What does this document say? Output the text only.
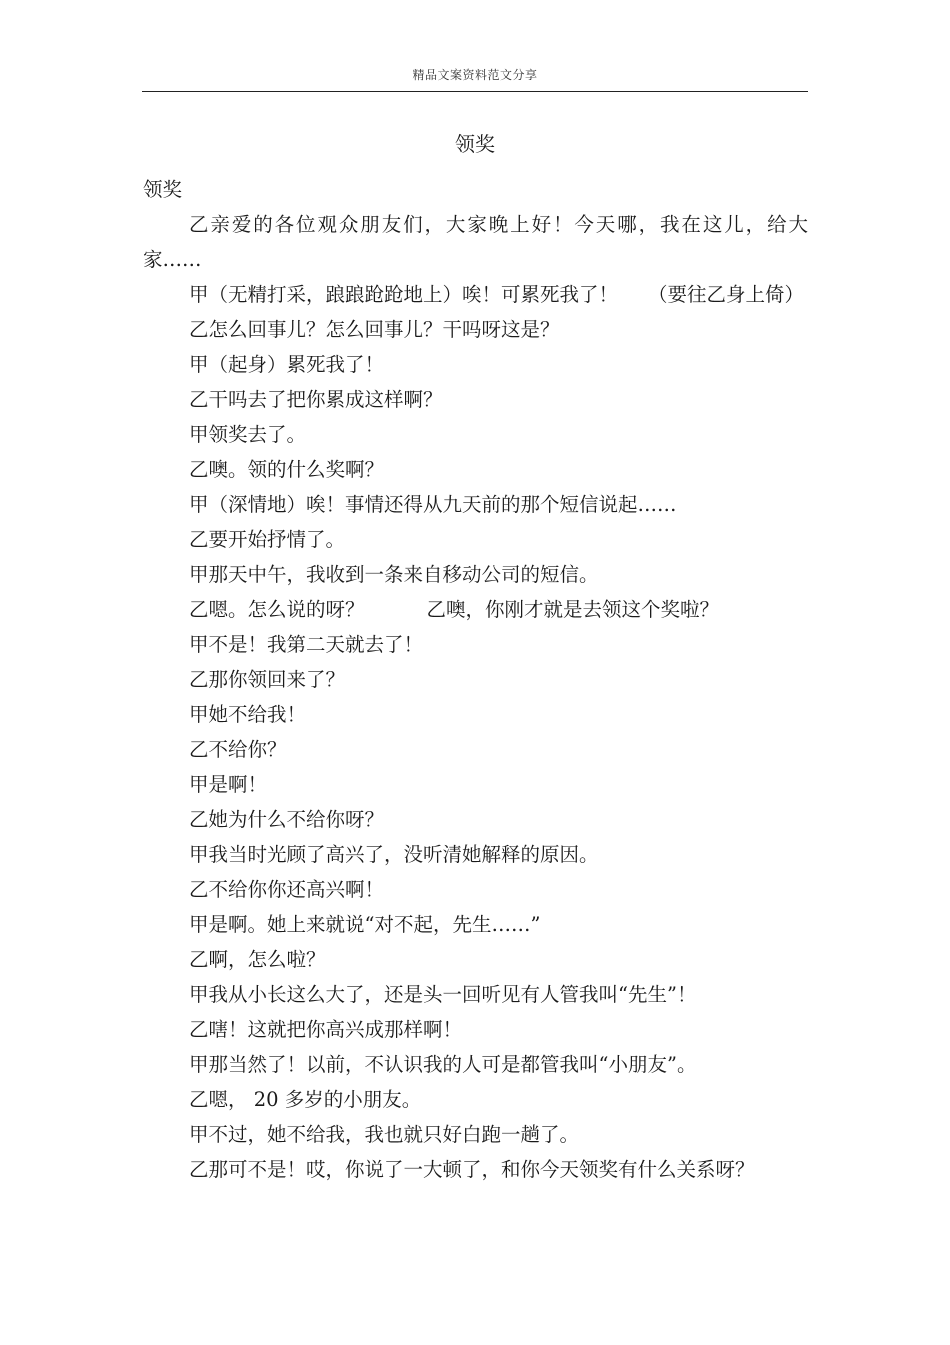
精品文案资料范文分享
领奖

领奖

乙亲爱的各位观众朋友们，大家晚上好！今天哪，我在这儿，给大家……

甲（无精打采，踉踉跄跄地上）唉！可累死我了！ （要往乙身上倚）

乙怎么回事儿？怎么回事儿？干吗呀这是？

甲（起身）累死我了！

乙干吗去了把你累成这样啊？

甲领奖去了。

乙噢。领的什么奖啊？

甲（深情地）唉！事情还得从九天前的那个短信说起……

乙要开始抒情了。

甲那天中午，我收到一条来自移动公司的短信。

乙嗯。怎么说的呀？	乙噢，你刚才就是去领这个奖啦？

甲不是！我第二天就去了！

乙那你领回来了？

甲她不给我！

乙不给你？

甲是啊！

乙她为什么不给你呀？

甲我当时光顾了高兴了，没听清她解释的原因。

乙不给你你还高兴啊！

甲是啊。她上来就说“对不起，先生……”

乙啊，怎么啦？

甲我从小长这么大了，还是头一回听见有人管我叫“先生”！

乙嗐！这就把你高兴成那样啊！

甲那当然了！以前，不认识我的人可是都管我叫“小朋友”。

乙嗯， 20 多岁的小朋友。

甲不过，她不给我，我也就只好白跑一趟了。

乙那可不是！哎，你说了一大顿了，和你今天领奖有什么关系呀？
